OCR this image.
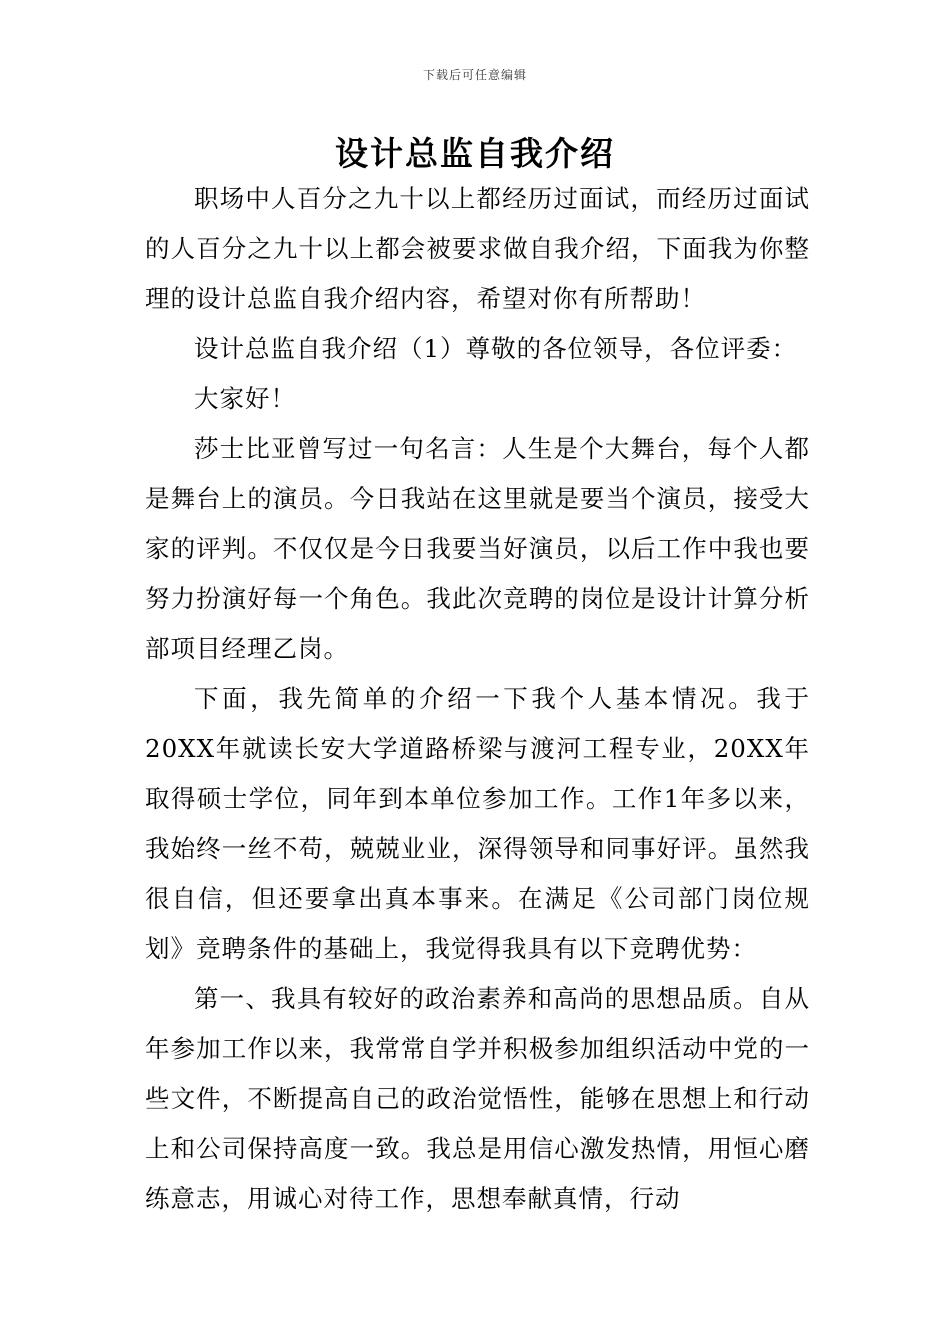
下载后可任意编辑
设计总监自我介绍

职场中人百分之九十以上都经历过面试，而经历过面试的人百分之九十以上都会被要求做自我介绍，下面我为你整理的设计总监自我介绍内容，希望对你有所帮助！

设计总监自我介绍（1）尊敬的各位领导，各位评委：

大家好！

莎士比亚曾写过一句名言：人生是个大舞台，每个人都是舞台上的演员。今日我站在这里就是要当个演员，接受大家的评判。不仅仅是今日我要当好演员，以后工作中我也要努力扮演好每一个角色。我此次竞聘的岗位是设计计算分析部项目经理乙岗。

下面，我先简单的介绍一下我个人基本情况。我于20XX年就读长安大学道路桥梁与渡河工程专业，20XX年取得硕士学位，同年到本单位参加工作。工作1年多以来，我始终一丝不苟，兢兢业业，深得领导和同事好评。虽然我很自信，但还要拿出真本事来。在满足《公司部门岗位规划》竞聘条件的基础上，我觉得我具有以下竞聘优势：

第一、我具有较好的政治素养和高尚的思想品质。自从年参加工作以来，我常常自学并积极参加组织活动中党的一些文件，不断提高自己的政治觉悟性，能够在思想上和行动上和公司保持高度一致。我总是用信心激发热情，用恒心磨练意志，用诚心对待工作，思想奉献真情，行动
